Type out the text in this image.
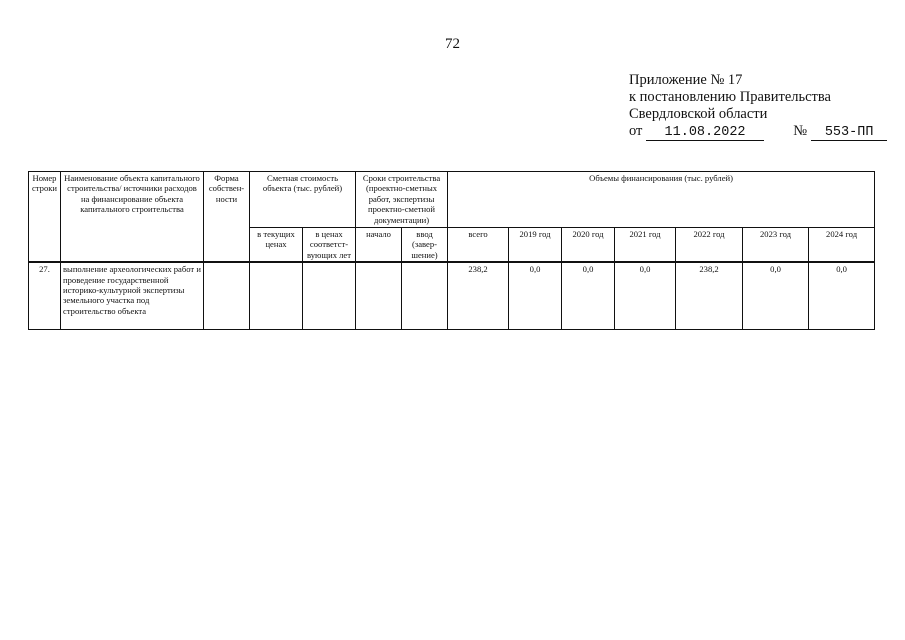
72
Приложение № 17
к постановлению Правительства
Свердловской области
от 11.08.2022	№ 553-ПП
Номер строки	Наименование объекта капитального строительства/ источники расходов на финансирование объекта капитального строительства	Форма собствен-ности	Сметная стоимость объекта (тыс. рублей)		Сроки строительства (проектно-сметных работ, экспертизы проектно-сметной документации)		Объемы финансирования (тыс. рублей)						
			в текущих ценах	в ценах соответст-вующих лет	начало	ввод (завер-шение)	всего	2019 год	2020 год	2021 год	2022 год	2023 год	2024 год
27.	выполнение археологических работ и проведение государственной историко-культурной экспертизы земельного участка под строительство объекта						238,2	0,0	0,0	0,0	238,2	0,0	0,0
